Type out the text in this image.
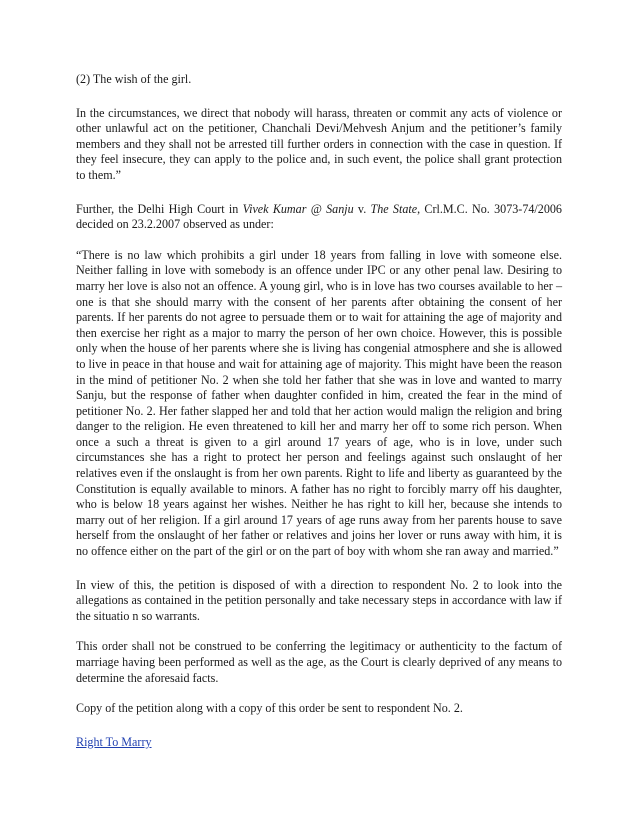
(2) The wish of the girl.

In the circumstances, we direct that nobody will harass, threaten or commit any acts of violence or other unlawful act on the petitioner, Chanchali Devi/Mehvesh Anjum and the petitioner’s family members and they shall not be arrested till further orders in connection with the case in question. If they feel insecure, they can apply to the police and, in such event, the police shall grant protection to them.”

Further, the Delhi High Court in Vivek Kumar @ Sanju v. The State, Crl.M.C. No. 3073-74/2006 decided on 23.2.2007 observed as under:

“There is no law which prohibits a girl under 18 years from falling in love with someone else. Neither falling in love with somebody is an offence under IPC or any other penal law. Desiring to marry her love is also not an offence. A young girl, who is in love has two courses available to her – one is that she should marry with the consent of her parents after obtaining the consent of her parents. If her parents do not agree to persuade them or to wait for attaining the age of majority and then exercise her right as a major to marry the person of her own choice. However, this is possible only when the house of her parents where she is living has congenial atmosphere and she is allowed to live in peace in that house and wait for attaining age of majority. This might have been the reason in the mind of petitioner No. 2 when she told her father that she was in love and wanted to marry Sanju, but the response of father when daughter confided in him, created the fear in the mind of petitioner No. 2. Her father slapped her and told that her action would malign the religion and bring danger to the religion. He even threatened to kill her and marry her off to some rich person. When once a such a threat is given to a girl around 17 years of age, who is in love, under such circumstances she has a right to protect her person and feelings against such onslaught of her relatives even if the onslaught is from her own parents. Right to life and liberty as guaranteed by the Constitution is equally available to minors. A father has no right to forcibly marry off his daughter, who is below 18 years against her wishes. Neither he has right to kill her, because she intends to marry out of her religion. If a girl around 17 years of age runs away from her parents house to save herself from the onslaught of her father or relatives and joins her lover or runs away with him, it is no offence either on the part of the girl or on the part of boy with whom she ran away and married.”

In view of this, the petition is disposed of with a direction to respondent No. 2 to look into the allegations as contained in the petition personally and take necessary steps in accordance with law if the situatio n so warrants.

This order shall not be construed to be conferring the legitimacy or authenticity to the factum of marriage having been performed as well as the age, as the Court is clearly deprived of any means to determine the aforesaid facts.

Copy of the petition along with a copy of this order be sent to respondent No. 2.

Right To Marry
